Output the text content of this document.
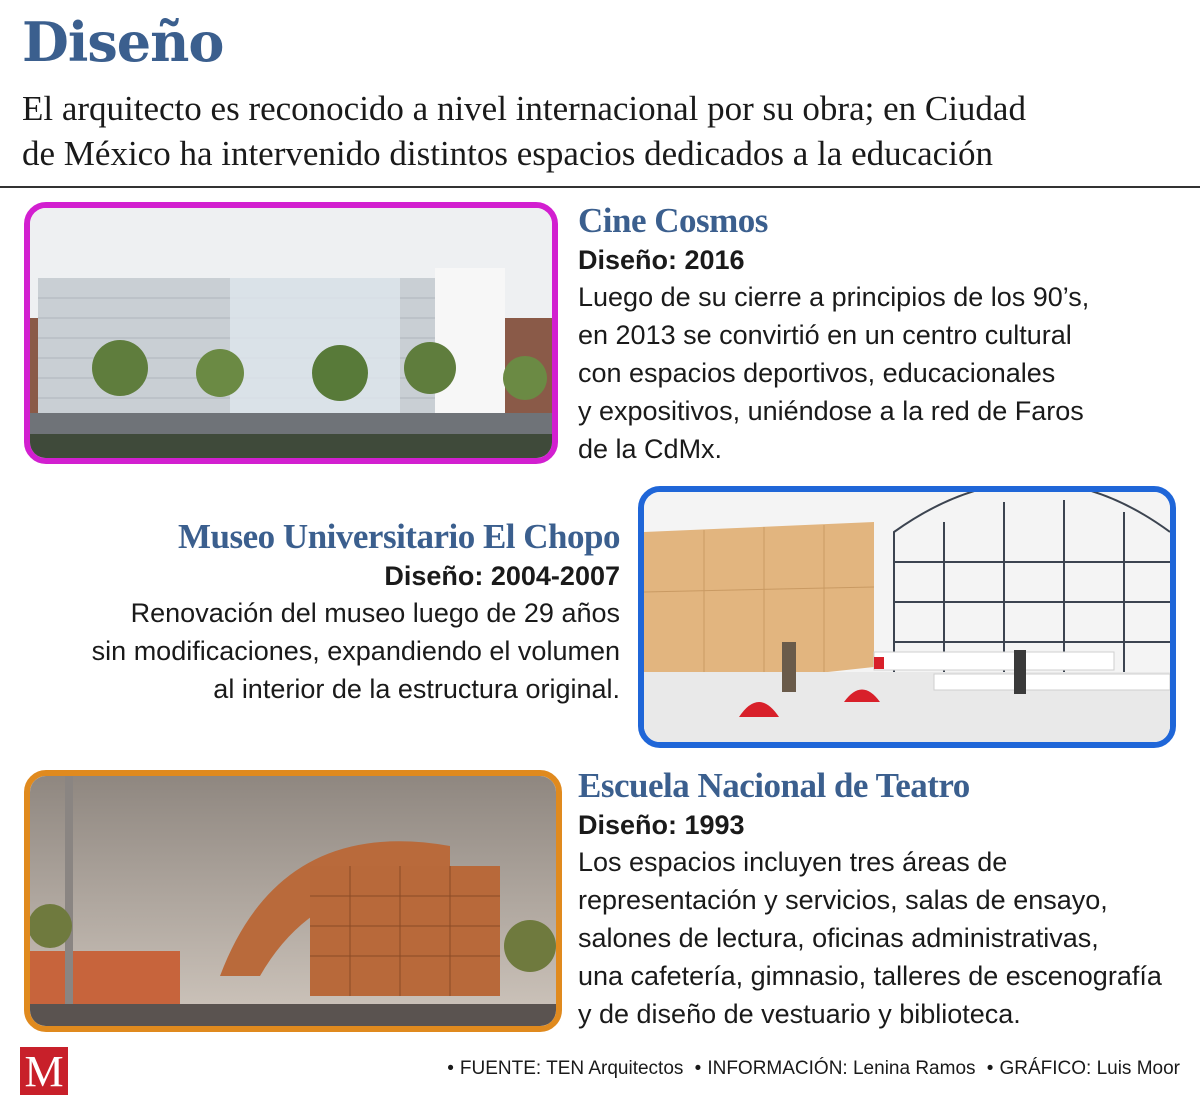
Diseño
El arquitecto es reconocido a nivel internacional por su obra; en Ciudad
de México ha intervenido distintos espacios dedicados a la educación
Cine Cosmos
Diseño: 2016
Luego de su cierre a principios de los 90’s,
en 2013 se convirtió en un centro cultural
con espacios deportivos, educacionales
y expositivos, uniéndose a la red de Faros
de la CdMx.
Museo Universitario El Chopo
Diseño: 2004-2007
Renovación del museo luego de 29 años
sin modificaciones, expandiendo el volumen
al interior de la estructura original.
Escuela Nacional de Teatro
Diseño: 1993
Los espacios incluyen tres áreas de
representación y servicios, salas de ensayo,
salones de lectura, oficinas administrativas,
una cafetería, gimnasio, talleres de escenografía
y de diseño de vestuario y biblioteca.
M	• FUENTE: TEN Arquitectos • INFORMACIÓN: Lenina Ramos • GRÁFICO: Luis Moor
